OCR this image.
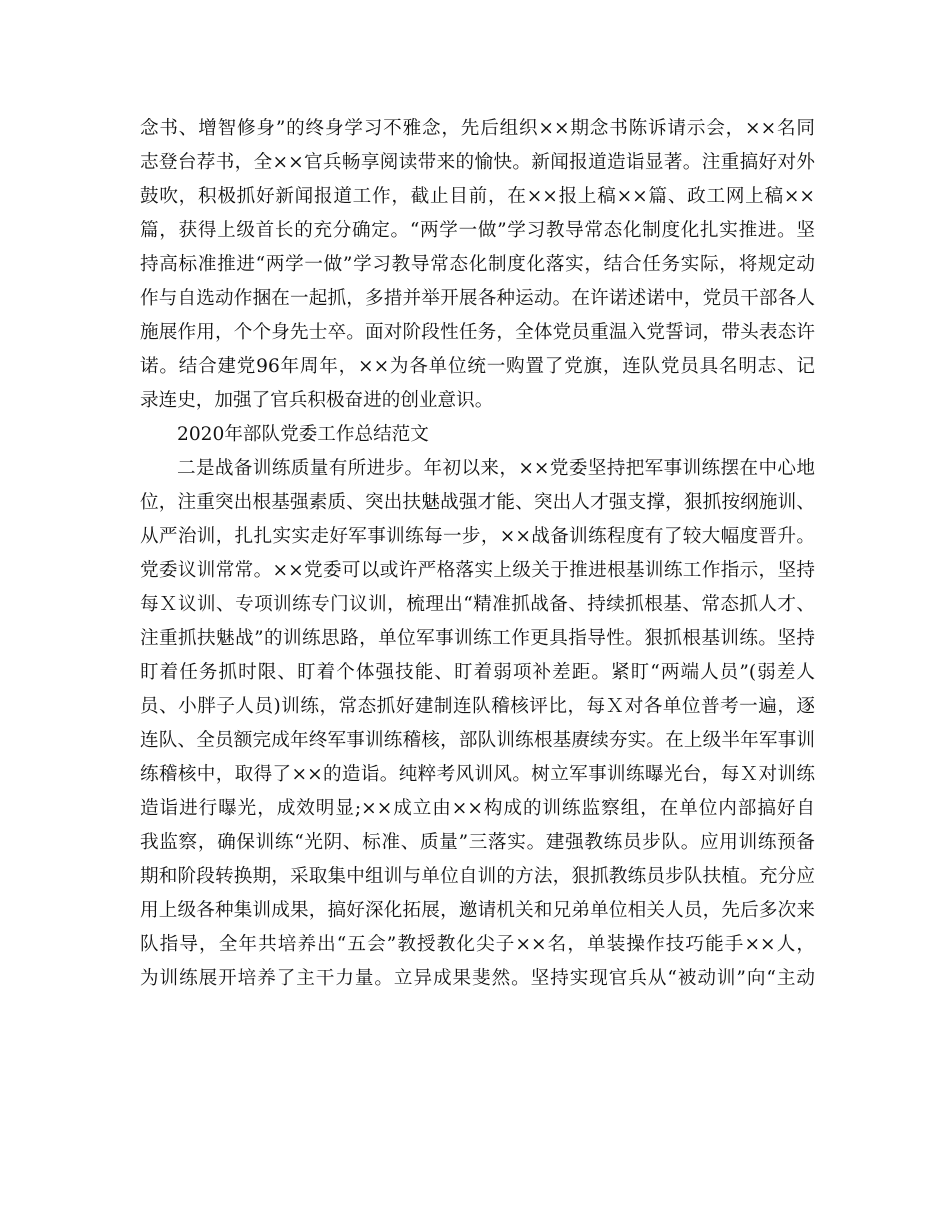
念书、增智修身”的终身学习不雅念，先后组织××期念书陈诉请示会，××名同
志登台荐书，全××官兵畅享阅读带来的愉快。新闻报道造诣显著。注重搞好对外
鼓吹，积极抓好新闻报道工作，截止目前，在××报上稿××篇、政工网上稿××
篇，获得上级首长的充分确定。“两学一做”学习教导常态化制度化扎实推进。坚
持高标准推进“两学一做”学习教导常态化制度化落实，结合任务实际，将规定动
作与自选动作捆在一起抓，多措并举开展各种运动。在许诺述诺中，党员干部各人
施展作用，个个身先士卒。面对阶段性任务，全体党员重温入党誓词，带头表态许
诺。结合建党96年周年，××为各单位统一购置了党旗，连队党员具名明志、记
录连史，加强了官兵积极奋进的创业意识。
2020年部队党委工作总结范文
二是战备训练质量有所进步。年初以来，××党委坚持把军事训练摆在中心地
位，注重突出根基强素质、突出扶魅战强才能、突出人才强支撑，狠抓按纲施训、
从严治训，扎扎实实走好军事训练每一步，××战备训练程度有了较大幅度晋升。
党委议训常常。××党委可以或许严格落实上级关于推进根基训练工作指示，坚持
每Ｘ议训、专项训练专门议训，梳理出“精准抓战备、持续抓根基、常态抓人才、
注重抓扶魅战”的训练思路，单位军事训练工作更具指导性。狠抓根基训练。坚持
盯着任务抓时限、盯着个体强技能、盯着弱项补差距。紧盯“两端人员”(弱差人
员、小胖子人员)训练，常态抓好建制连队稽核评比，每Ｘ对各单位普考一遍，逐
连队、全员额完成年终军事训练稽核，部队训练根基赓续夯实。在上级半年军事训
练稽核中，取得了××的造诣。纯粹考风训风。树立军事训练曝光台，每Ｘ对训练
造诣进行曝光，成效明显;××成立由××构成的训练监察组，在单位内部搞好自
我监察，确保训练“光阴、标准、质量”三落实。建强教练员步队。应用训练预备
期和阶段转换期，采取集中组训与单位自训的方法，狠抓教练员步队扶植。充分应
用上级各种集训成果，搞好深化拓展，邀请机关和兄弟单位相关人员，先后多次来
队指导，全年共培养出“五会”教授教化尖子××名，单装操作技巧能手××人，
为训练展开培养了主干力量。立异成果斐然。坚持实现官兵从“被动训”向“主动
